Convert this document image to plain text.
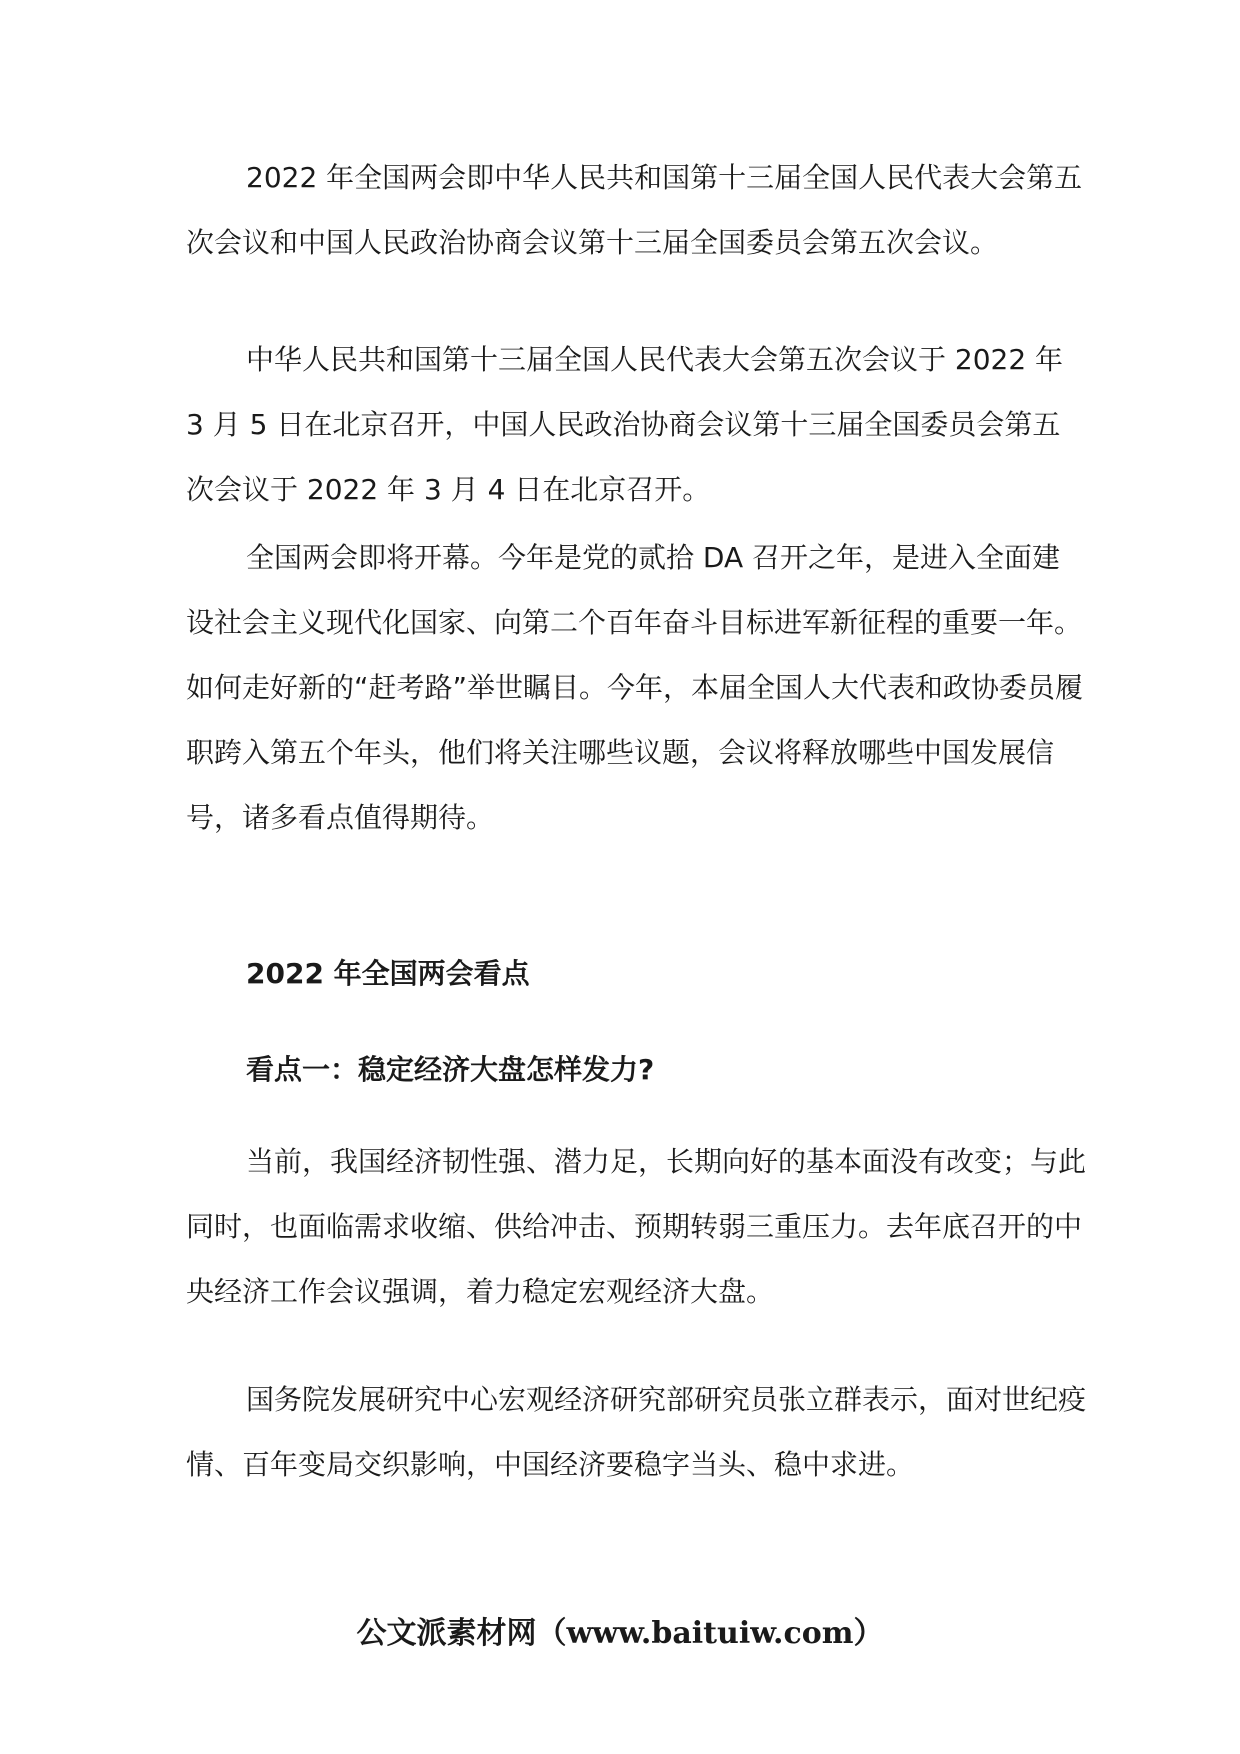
2022 年全国两会即中华人民共和国第十三届全国人民代表大会第五次会议和中国人民政治协商会议第十三届全国委员会第五次会议。

中华人民共和国第十三届全国人民代表大会第五次会议于 2022 年 3 月 5 日在北京召开，中国人民政治协商会议第十三届全国委员会第五次会议于 2022 年 3 月 4 日在北京召开。

全国两会即将开幕。今年是党的贰拾 DA 召开之年，是进入全面建设社会主义现代化国家、向第二个百年奋斗目标进军新征程的重要一年。如何走好新的“赶考路”举世瞩目。今年，本届全国人大代表和政协委员履职跨入第五个年头，他们将关注哪些议题，会议将释放哪些中国发展信号，诸多看点值得期待。

2022 年全国两会看点
看点一：稳定经济大盘怎样发力?

当前，我国经济韧性强、潜力足，长期向好的基本面没有改变；与此同时，也面临需求收缩、供给冲击、预期转弱三重压力。去年底召开的中央经济工作会议强调，着力稳定宏观经济大盘。

国务院发展研究中心宏观经济研究部研究员张立群表示，面对世纪疫情、百年变局交织影响，中国经济要稳字当头、稳中求进。

公文派素材网（www.baituiw.com）
